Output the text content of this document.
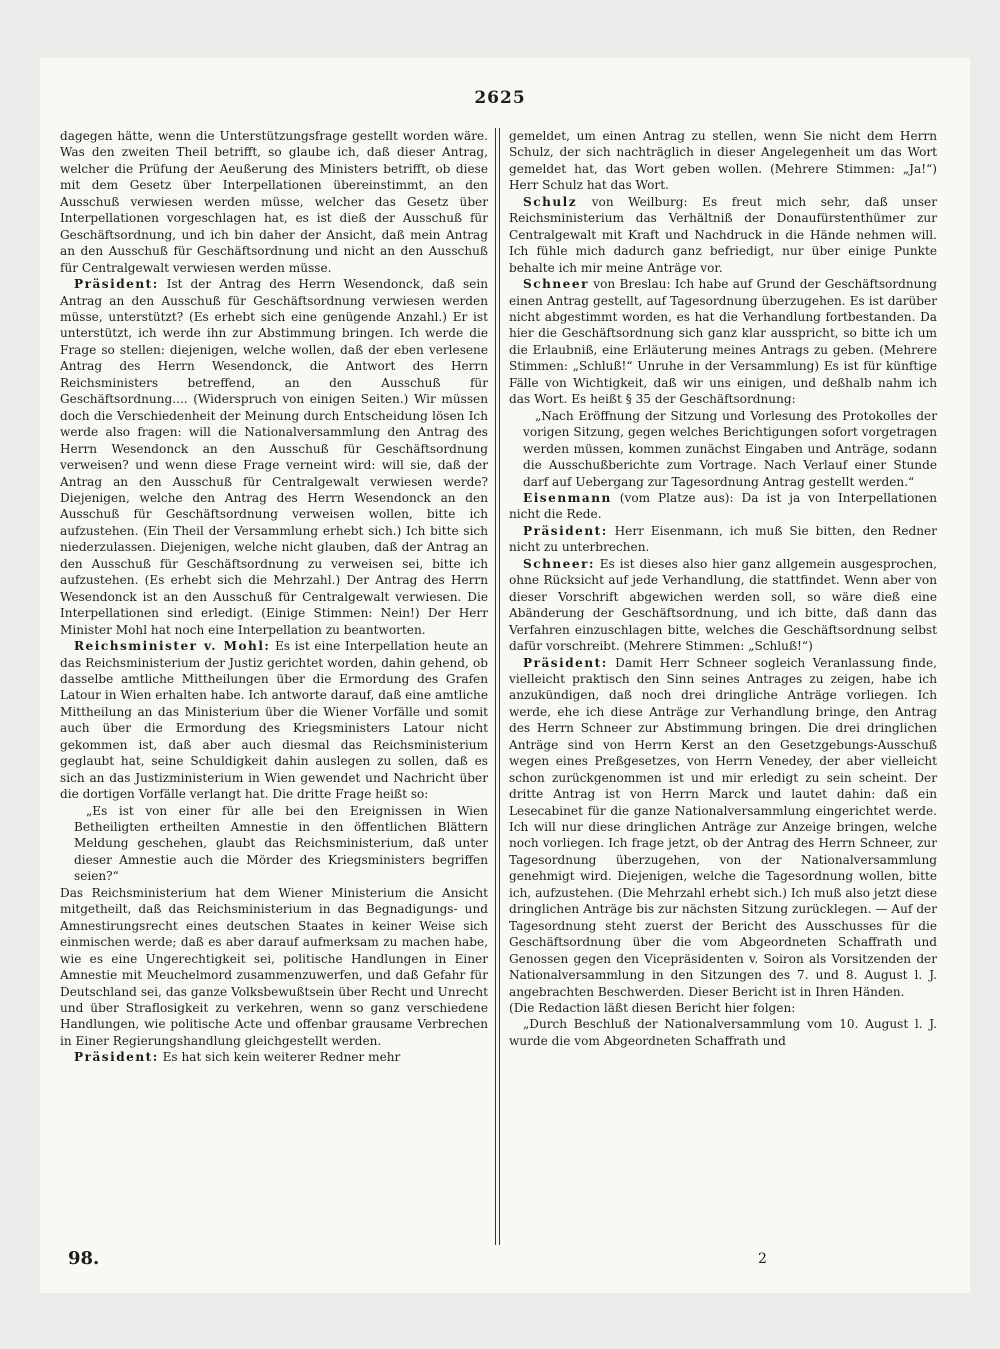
2625

dagegen hätte, wenn die Unterstützungsfrage gestellt worden wäre. Was den zweiten Theil betrifft, so glaube ich, daß dieser Antrag, welcher die Prüfung der Aeußerung des Ministers betrifft, ob diese mit dem Gesetz über Interpellationen übereinstimmt, an den Ausschuß verwiesen werden müsse, welcher das Gesetz über Interpellationen vorgeschlagen hat, es ist dieß der Ausschuß für Geschäftsordnung, und ich bin daher der Ansicht, daß mein Antrag an den Ausschuß für Geschäftsordnung und nicht an den Ausschuß für Centralgewalt verwiesen werden müsse.

Präsident: Ist der Antrag des Herrn Wesendonck, daß sein Antrag an den Ausschuß für Geschäftsordnung verwiesen werden müsse, unterstützt? (Es erhebt sich eine genügende Anzahl.) Er ist unterstützt, ich werde ihn zur Abstimmung bringen. Ich werde die Frage so stellen: diejenigen, welche wollen, daß der eben verlesene Antrag des Herrn Wesendonck, die Antwort des Herrn Reichsministers betreffend, an den Ausschuß für Geschäftsordnung.... (Widerspruch von einigen Seiten.) Wir müssen doch die Verschiedenheit der Meinung durch Entscheidung lösen Ich werde also fragen: will die Nationalversammlung den Antrag des Herrn Wesendonck an den Ausschuß für Geschäftsordnung verweisen? und wenn diese Frage verneint wird: will sie, daß der Antrag an den Ausschuß für Centralgewalt verwiesen werde? Diejenigen, welche den Antrag des Herrn Wesendonck an den Ausschuß für Geschäftsordnung verweisen wollen, bitte ich aufzustehen. (Ein Theil der Versammlung erhebt sich.) Ich bitte sich niederzulassen. Diejenigen, welche nicht glauben, daß der Antrag an den Ausschuß für Geschäftsordnung zu verweisen sei, bitte ich aufzustehen. (Es erhebt sich die Mehrzahl.) Der Antrag des Herrn Wesendonck ist an den Ausschuß für Centralgewalt verwiesen. Die Interpellationen sind erledigt. (Einige Stimmen: Nein!) Der Herr Minister Mohl hat noch eine Interpellation zu beantworten.

Reichsminister v. Mohl: Es ist eine Interpellation heute an das Reichsministerium der Justiz gerichtet worden, dahin gehend, ob dasselbe amtliche Mittheilungen über die Ermordung des Grafen Latour in Wien erhalten habe. Ich antworte darauf, daß eine amtliche Mittheilung an das Ministerium über die Wiener Vorfälle und somit auch über die Ermordung des Kriegsministers Latour nicht gekommen ist, daß aber auch diesmal das Reichsministerium geglaubt hat, seine Schuldigkeit dahin auslegen zu sollen, daß es sich an das Justizministerium in Wien gewendet und Nachricht über die dortigen Vorfälle verlangt hat. Die dritte Frage heißt so:

„Es ist von einer für alle bei den Ereignissen in Wien Betheiligten ertheilten Amnestie in den öffentlichen Blättern Meldung geschehen, glaubt das Reichsministerium, daß unter dieser Amnestie auch die Mörder des Kriegsministers begriffen seien?“

Das Reichsministerium hat dem Wiener Ministerium die Ansicht mitgetheilt, daß das Reichsministerium in das Begnadigungs- und Amnestirungsrecht eines deutschen Staates in keiner Weise sich einmischen werde; daß es aber darauf aufmerksam zu machen habe, wie es eine Ungerechtigkeit sei, politische Handlungen in Einer Amnestie mit Meuchelmord zusammenzuwerfen, und daß Gefahr für Deutschland sei, das ganze Volksbewußtsein über Recht und Unrecht und über Straflosigkeit zu verkehren, wenn so ganz verschiedene Handlungen, wie politische Acte und offenbar grausame Verbrechen in Einer Regierungshandlung gleichgestellt werden.

Präsident: Es hat sich kein weiterer Redner mehr

gemeldet, um einen Antrag zu stellen, wenn Sie nicht dem Herrn Schulz, der sich nachträglich in dieser Angelegenheit um das Wort gemeldet hat, das Wort geben wollen. (Mehrere Stimmen: „Ja!“) Herr Schulz hat das Wort.

Schulz von Weilburg: Es freut mich sehr, daß unser Reichsministerium das Verhältniß der Donaufürstenthümer zur Centralgewalt mit Kraft und Nachdruck in die Hände nehmen will. Ich fühle mich dadurch ganz befriedigt, nur über einige Punkte behalte ich mir meine Anträge vor.

Schneer von Breslau: Ich habe auf Grund der Geschäftsordnung einen Antrag gestellt, auf Tagesordnung überzugehen. Es ist darüber nicht abgestimmt worden, es hat die Verhandlung fortbestanden. Da hier die Geschäftsordnung sich ganz klar ausspricht, so bitte ich um die Erlaubniß, eine Erläuterung meines Antrags zu geben. (Mehrere Stimmen: „Schluß!“ Unruhe in der Versammlung) Es ist für künftige Fälle von Wichtigkeit, daß wir uns einigen, und deßhalb nahm ich das Wort. Es heißt § 35 der Geschäftsordnung:

„Nach Eröffnung der Sitzung und Vorlesung des Protokolles der vorigen Sitzung, gegen welches Berichtigungen sofort vorgetragen werden müssen, kommen zunächst Eingaben und Anträge, sodann die Ausschußberichte zum Vortrage. Nach Verlauf einer Stunde darf auf Uebergang zur Tagesordnung Antrag gestellt werden.“

Eisenmann (vom Platze aus): Da ist ja von Interpellationen nicht die Rede.

Präsident: Herr Eisenmann, ich muß Sie bitten, den Redner nicht zu unterbrechen.

Schneer: Es ist dieses also hier ganz allgemein ausgesprochen, ohne Rücksicht auf jede Verhandlung, die stattfindet. Wenn aber von dieser Vorschrift abgewichen werden soll, so wäre dieß eine Abänderung der Geschäftsordnung, und ich bitte, daß dann das Verfahren einzuschlagen bitte, welches die Geschäftsordnung selbst dafür vorschreibt. (Mehrere Stimmen: „Schluß!“)

Präsident: Damit Herr Schneer sogleich Veranlassung finde, vielleicht praktisch den Sinn seines Antrages zu zeigen, habe ich anzukündigen, daß noch drei dringliche Anträge vorliegen. Ich werde, ehe ich diese Anträge zur Verhandlung bringe, den Antrag des Herrn Schneer zur Abstimmung bringen. Die drei dringlichen Anträge sind von Herrn Kerst an den Gesetzgebungs-Ausschuß wegen eines Preßgesetzes, von Herrn Venedey, der aber vielleicht schon zurückgenommen ist und mir erledigt zu sein scheint. Der dritte Antrag ist von Herrn Marck und lautet dahin: daß ein Lesecabinet für die ganze Nationalversammlung eingerichtet werde. Ich will nur diese dringlichen Anträge zur Anzeige bringen, welche noch vorliegen. Ich frage jetzt, ob der Antrag des Herrn Schneer, zur Tagesordnung überzugehen, von der Nationalversammlung genehmigt wird. Diejenigen, welche die Tagesordnung wollen, bitte ich, aufzustehen. (Die Mehrzahl erhebt sich.) Ich muß also jetzt diese dringlichen Anträge bis zur nächsten Sitzung zurücklegen. — Auf der Tagesordnung steht zuerst der Bericht des Ausschusses für die Geschäftsordnung über die vom Abgeordneten Schaffrath und Genossen gegen den Vicepräsidenten v. Soiron als Vorsitzenden der Nationalversammlung in den Sitzungen des 7. und 8. August l. J. angebrachten Beschwerden. Dieser Bericht ist in Ihren Händen.

(Die Redaction läßt diesen Bericht hier folgen:

„Durch Beschluß der Nationalversammlung vom 10. August l. J. wurde die vom Abgeordneten Schaffrath und

98.	2
